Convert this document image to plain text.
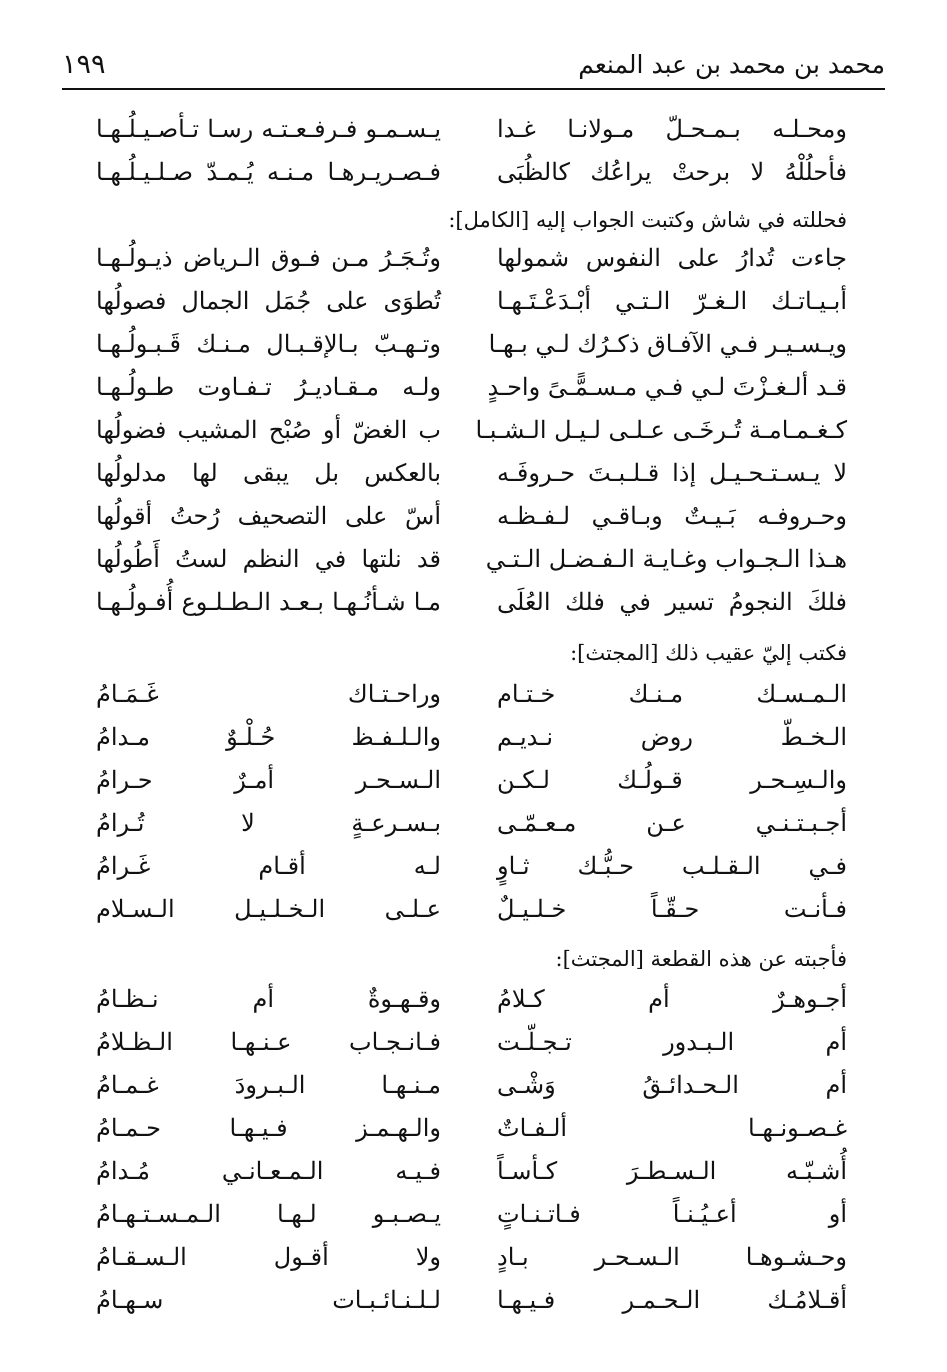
محمد بن محمد بن عبد المنعم
١٩٩
ومحـلـه بـمـحـلّ مـولانـا غـدا
يـسـمـو فـرفـعـتـه رسـا تـأصـيـلُـهـا
فأحلُلْهُ لا برحتْ يراعُك كالظُبَى
فـصـريـرهـا مـنـه يُـمـدّ صـلـيـلُـهـا
فحللته في شاش وكتبت الجواب إليه [الكامل]:
جاءت تُدارُ على النفوس شمولها
وتُـجَـرُ مـن فـوق الـرياض ذيـولُـهـا
أبـيـاتـك الـغـرّ الـتـي أبْـدَعْـتَـهـا
تُطوَى على جُمَل الجمال فصولُها
ويـسـيـر فـي الآفـاق ذكـرُك لـي بـهـا
وتـهـبّ بـالإقـبـال مـنـك قَـبـولُـهـا
قـد ألـغـزْتَ لـي فـي مـسـمًّـىً واحـدٍ
ولـه مـقـاديـرُ تـفـاوت طـولُـهـا
كـغـمـامـة تُـرخَـى عـلـى لـيـل الـشـبـا
ب الغضّ أو صُبْح المشيب فضولُها
لا يـسـتـحـيـل إذا قـلـبـتَ حـروفَـه
بالعكس بل يبقى لها مدلولُها
وحـروفـه بَـيـتٌ وبـاقـي لـفـظـه
أسّ على التصحيف رُحتُ أقولُها
هـذا الـجـواب وغـايـة الـفـضـل الـتـي
قد نلتها في النظم لستُ أَطُولُها
فلكَ النجومُ تسير في فلك العُلَى
مـا شـأنُـهـا بـعـد الـطـلـوع أُفـولُـهـا
فكتب إليّ عقيب ذلك [المجتث]:
الـمـسـك مـنـك خـتـام
وراحـتـاك غَـمَـامُ
الـخـطّ روض نـديـم
والـلـفـظ حُـلْـوٌ مـدامُ
والـسِـحـر قـولُـك لـكـن
الـسـحـر أمـرٌ حـرامُ
أجـبـتـنـي عـن مـعـمّـى
بـسـرعـةٍ لا تُـرامُ
فـي الـقـلـب حـبُّـك ثـاوٍ
لـه أقـام غَـرامُ
فـأنـت حـقّـاً خـلـيـلٌ
عـلـى الـخـلـيـل الـسـلام
فأجبته عن هذه القطعة [المجتث]:
أجـوهـرٌ أم كـلامُ
وقـهـوةٌ أم نـظـامُ
أم الـبـدور تـجـلّـت
فـانـجـاب عـنـهـا الـظـلامُ
أم الـحـدائـقُ وَشْـى
مـنـهـا الـبـرودَ غـمـامُ
غـصـونـهـا ألـفـاتٌ
والـهـمـز فـيـهـا حـمـامُ
أُشـبّـه الـسـطـرَ كـأسـاً
فـيـه الـمـعـانـي مُـدامُ
أو أعـيُـنـاً فـاتـنـاتٍ
يـصـبـو لـهـا الـمـسـتـهـامُ
وحـشـوهـا الـسـحـر بـادٍ
ولا أقـول الـسـقـامُ
أقـلامُـك الـحـمـر فـيـهـا
لـلـنـائـبـات سـهـامُ
